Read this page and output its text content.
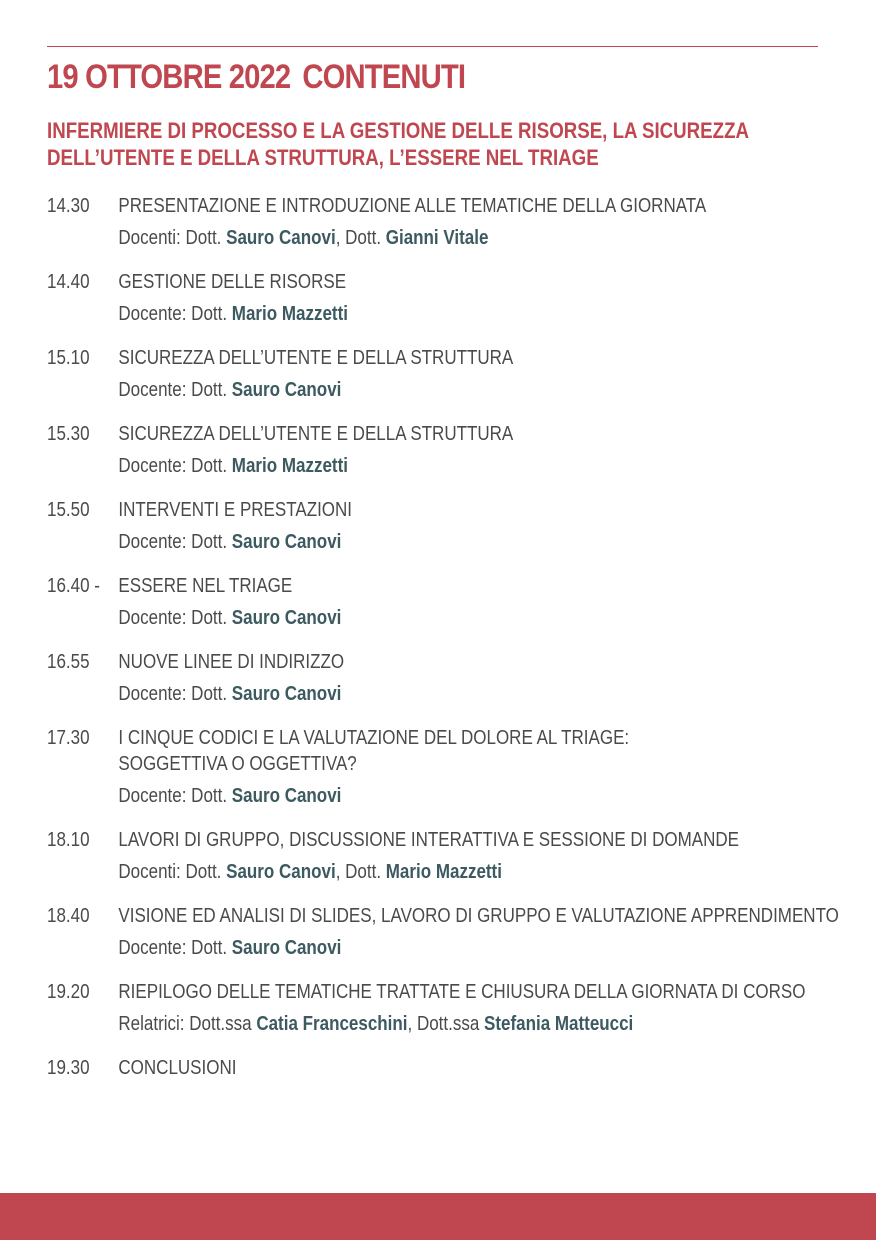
19 OTTOBRE 2022 CONTENUTI
INFERMIERE DI PROCESSO E LA GESTIONE DELLE RISORSE, LA SICUREZZA
DELL’UTENTE E DELLA STRUTTURA, L’ESSERE NEL TRIAGE
14.30 PRESENTAZIONE E INTRODUZIONE ALLE TEMATICHE DELLA GIORNATA
Docenti: Dott. Sauro Canovi, Dott. Gianni Vitale
14.40 GESTIONE DELLE RISORSE
Docente: Dott. Mario Mazzetti
15.10 SICUREZZA DELL’UTENTE E DELLA STRUTTURA
Docente: Dott. Sauro Canovi
15.30 SICUREZZA DELL’UTENTE E DELLA STRUTTURA
Docente: Dott. Mario Mazzetti
15.50 INTERVENTI E PRESTAZIONI
Docente: Dott. Sauro Canovi
16.40 - ESSERE NEL TRIAGE
Docente: Dott. Sauro Canovi
16.55 NUOVE LINEE DI INDIRIZZO
Docente: Dott. Sauro Canovi
17.30 I CINQUE CODICI E LA VALUTAZIONE DEL DOLORE AL TRIAGE:
SOGGETTIVA O OGGETTIVA?
Docente: Dott. Sauro Canovi
18.10 LAVORI DI GRUPPO, DISCUSSIONE INTERATTIVA E SESSIONE DI DOMANDE
Docenti: Dott. Sauro Canovi, Dott. Mario Mazzetti
18.40 VISIONE ED ANALISI DI SLIDES, LAVORO DI GRUPPO E VALUTAZIONE APPRENDIMENTO
Docente: Dott. Sauro Canovi
19.20 RIEPILOGO DELLE TEMATICHE TRATTATE E CHIUSURA DELLA GIORNATA DI CORSO
Relatrici: Dott.ssa Catia Franceschini, Dott.ssa Stefania Matteucci
19.30 CONCLUSIONI
